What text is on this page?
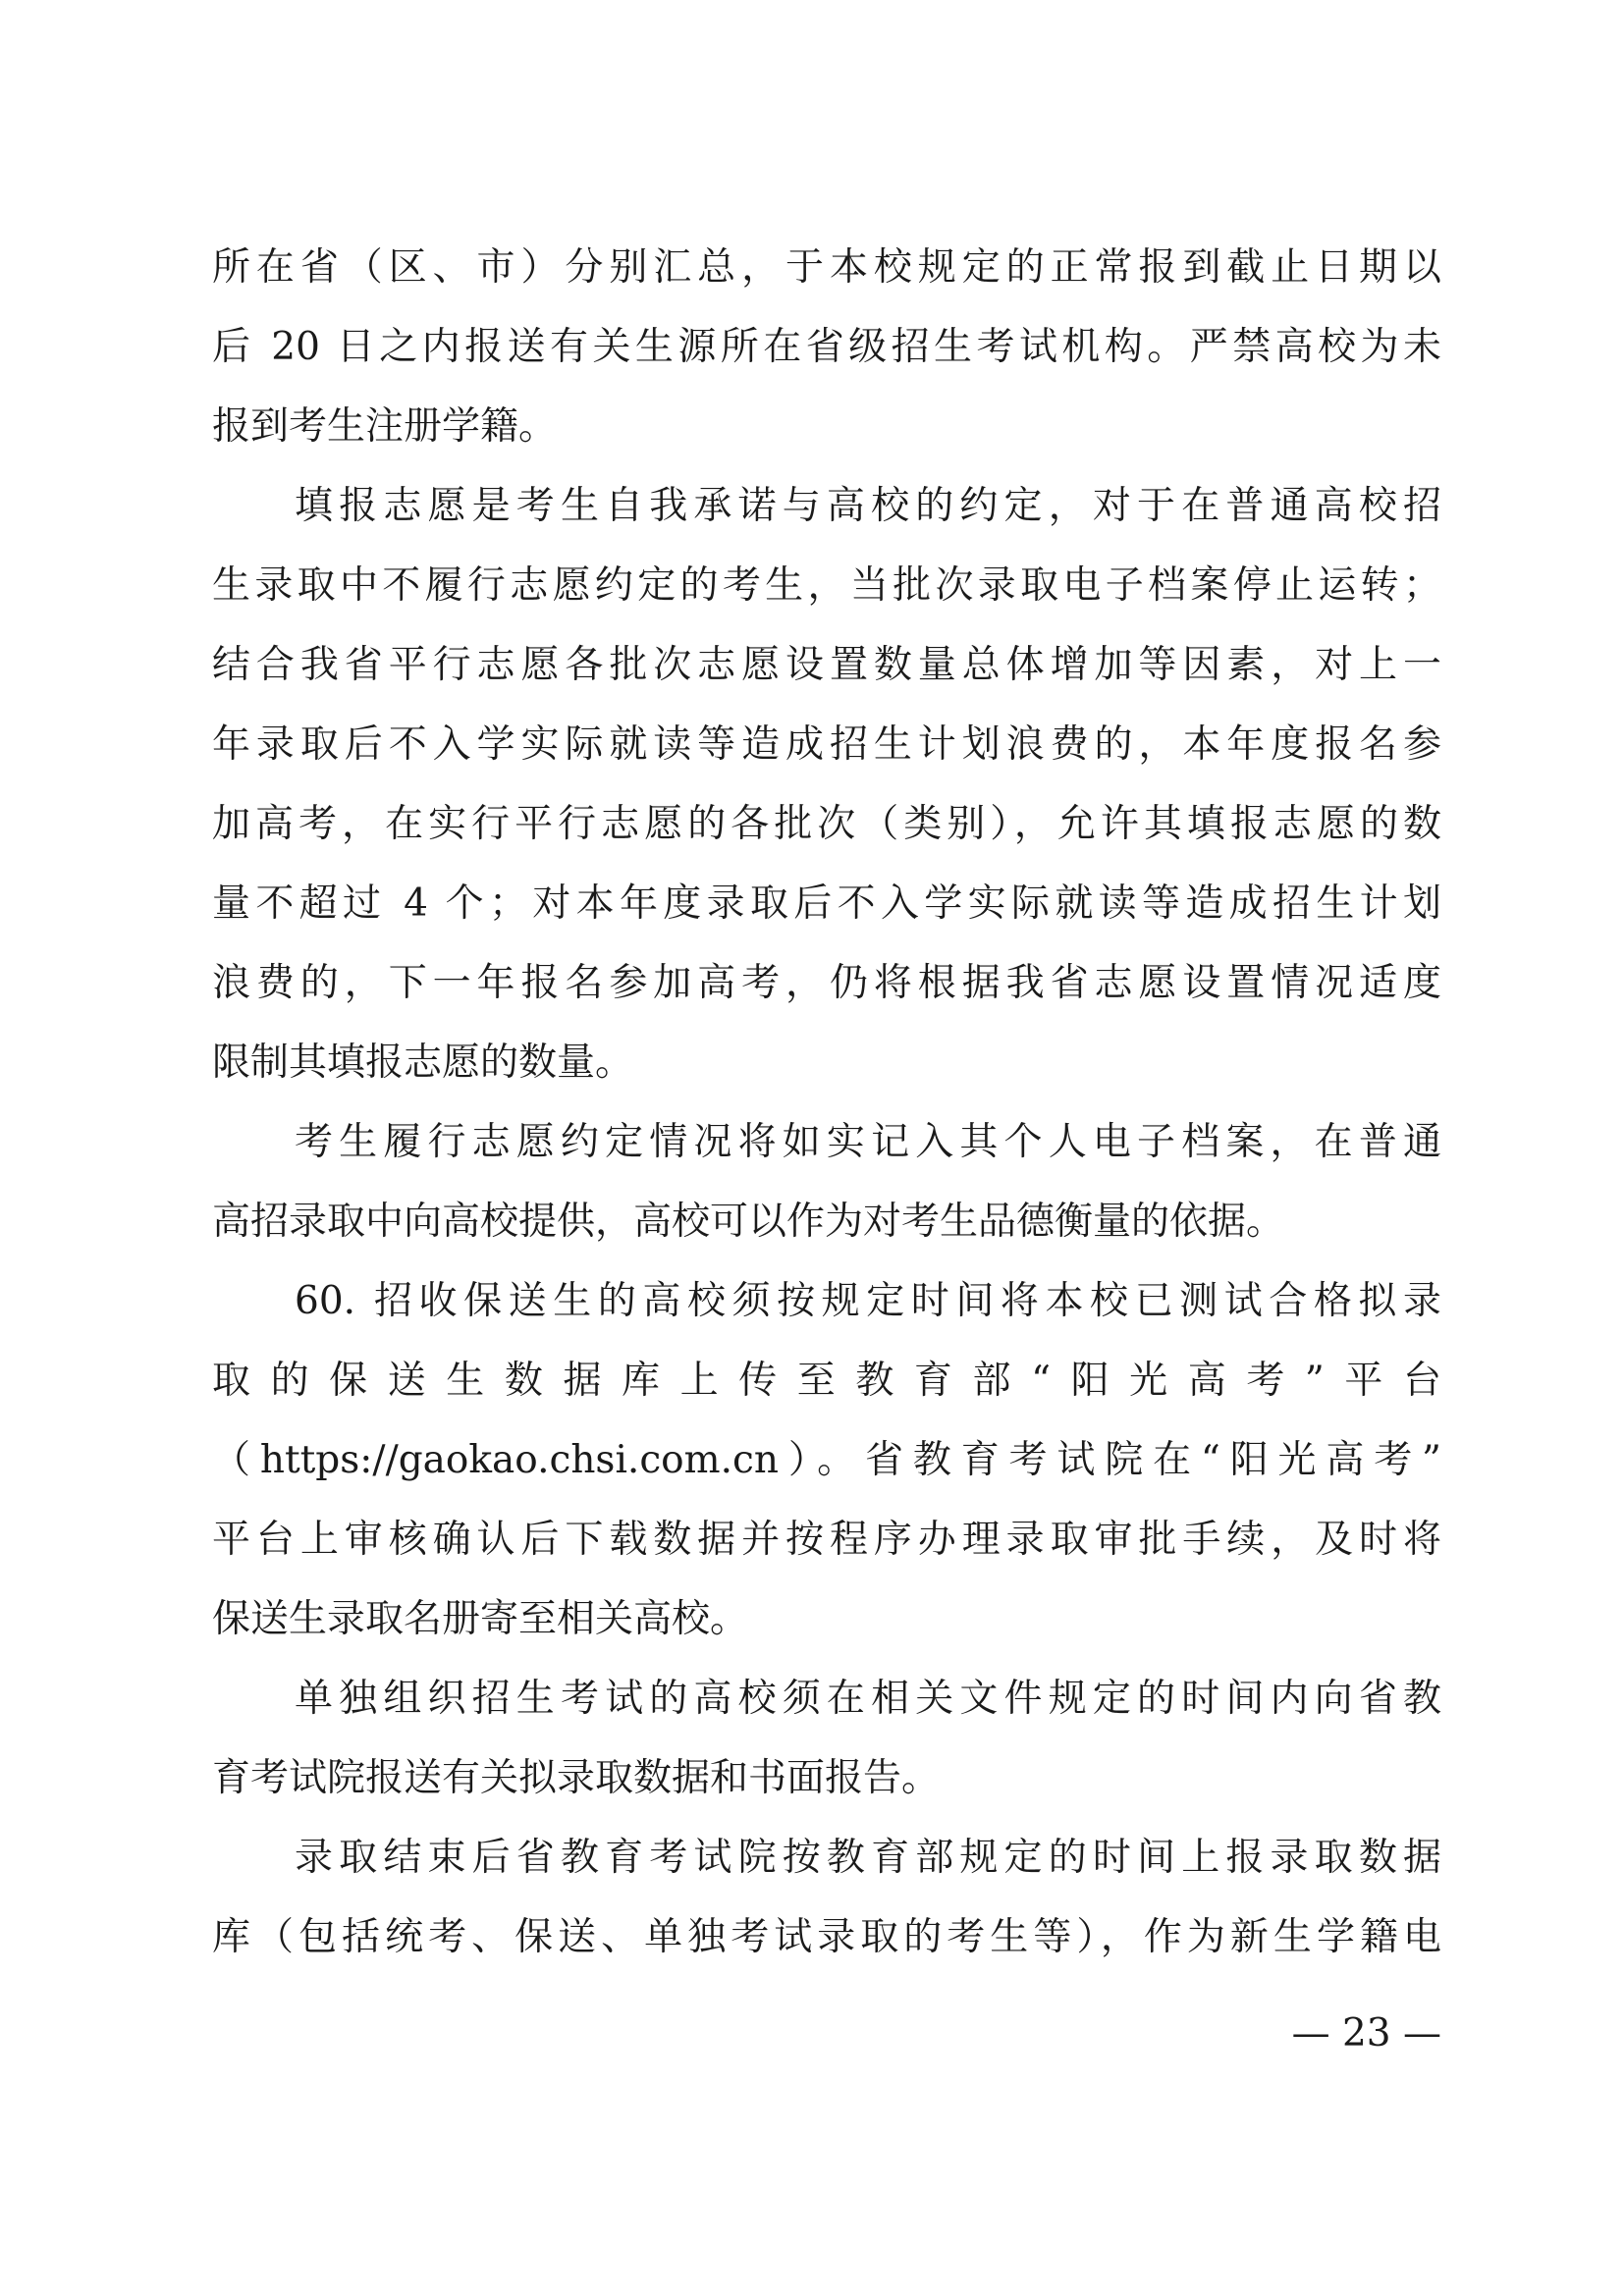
所在省（区、市）分别汇总，于本校规定的正常报到截止日期以
后 20 日之内报送有关生源所在省级招生考试机构。严禁高校为未
报到考生注册学籍。
填报志愿是考生自我承诺与高校的约定，对于在普通高校招
生录取中不履行志愿约定的考生，当批次录取电子档案停止运转；
结合我省平行志愿各批次志愿设置数量总体增加等因素，对上一
年录取后不入学实际就读等造成招生计划浪费的，本年度报名参
加高考，在实行平行志愿的各批次（类别），允许其填报志愿的数
量不超过 4 个；对本年度录取后不入学实际就读等造成招生计划
浪费的，下一年报名参加高考，仍将根据我省志愿设置情况适度
限制其填报志愿的数量。
考生履行志愿约定情况将如实记入其个人电子档案，在普通
高招录取中向高校提供，高校可以作为对考生品德衡量的依据。
60. 招收保送生的高校须按规定时间将本校已测试合格拟录
取的保送生数据库上传至教育部“阳光高考”平台
（https://gaokao.chsi.com.cn）。省教育考试院在“阳光高考”
平台上审核确认后下载数据并按程序办理录取审批手续，及时将
保送生录取名册寄至相关高校。
单独组织招生考试的高校须在相关文件规定的时间内向省教
育考试院报送有关拟录取数据和书面报告。
录取结束后省教育考试院按教育部规定的时间上报录取数据
库（包括统考、保送、单独考试录取的考生等），作为新生学籍电
— 23 —
